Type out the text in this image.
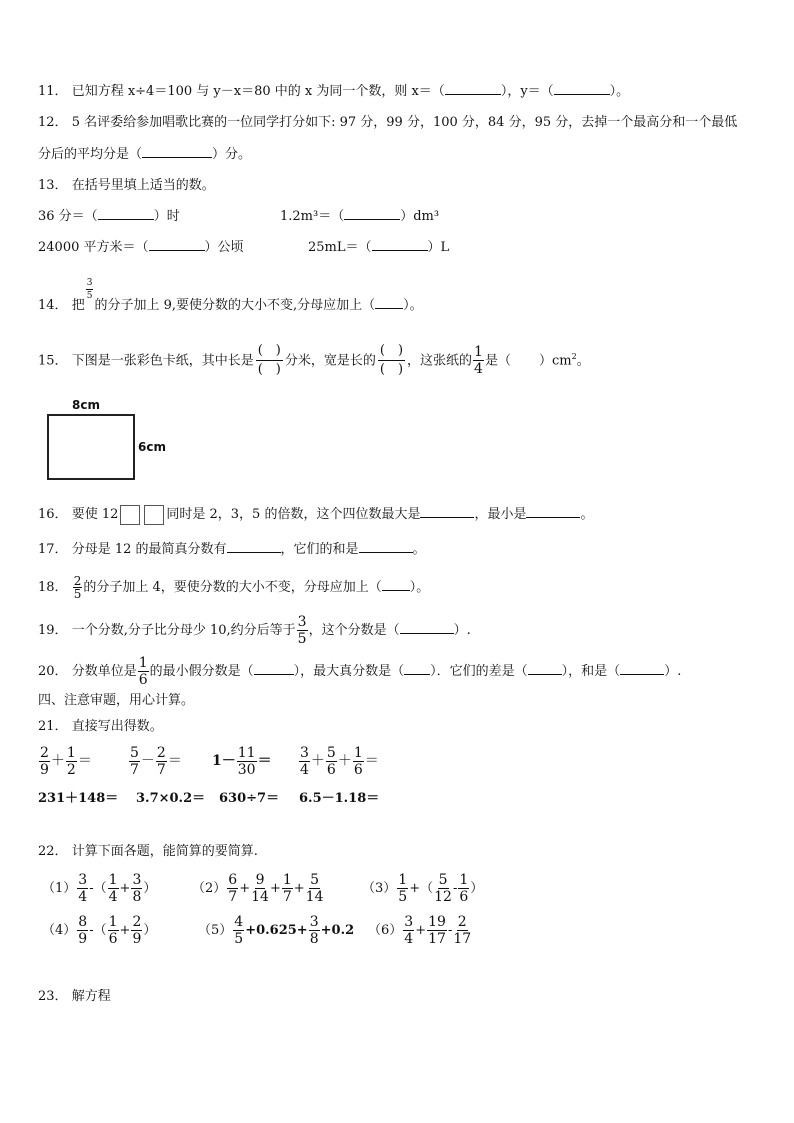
11． 已知方程 x÷4＝100 与 y－x＝80 中的 x 为同一个数，则 x＝（	），y＝（	）。
12． 5 名评委给参加唱歌比赛的一位同学打分如下: 97 分，99 分，100 分，84 分，95 分，去掉一个最高分和一个最低
分后的平均分是（	）分。
13． 在括号里填上适当的数。
36 分＝（	）时	1.2m³＝（	）dm³
24000 平方米＝（	）公顷	25mL＝（	）L
14． 把
$\frac{3}{5}$
的分子加上 9,要使分数的大小不变,分母应加上（ ）。
15． 下图是一张彩色卡纸，其中长是 $\frac{( )}{( )}$ 分米，宽是长的 $\frac{( )}{( )}$ ，这张纸的 $\frac{1}{4}$ 是（ ）$cm^2$。
8cm
6cm
16． 要使 12	同时是 2，3，5 的倍数，这个四位数最大是	，最小是	。
17． 分母是 12 的最简真分数有	，它们的和是	。
18． $\frac{2}{5}$ 的分子加上 4，要使分数的大小不变，分母应加上（ ）。
19． 一个分数,分子比分母少 10,约分后等于 $\frac{3}{5}$ ，这个分数是（	）.
20． 分数单位是 $\frac{1}{6}$ 的最小假分数是（	），最大真分数是（ ）．它们的差是（	），和是（	）.
四、注意审题，用心计算。
21． 直接写出得数。
$\frac{2}{9} + \frac{1}{2}$ ＝	$\frac{5}{7} - \frac{2}{7} = 1- \frac{11}{30} = \frac{3}{4} + \frac{5}{6} + \frac{1}{6}$ ＝
231＋148＝ 3.7×0.2＝ 630÷7＝ 6.5－1.18＝
22． 计算下面各题，能简算的要简算.
$(1) \frac{3}{4}$ -（ $\frac{1}{4} + \frac{3}{8}$ ）	$(2) \frac{6}{7} + \frac{9}{14} + \frac{1}{7} + \frac{5}{14}$	$(3) \frac{1}{5}$ +（ $\frac{5}{12} - \frac{1}{6}$ ）
$(4) \frac{8}{9}$ -（ $\frac{1}{6} + \frac{2}{9}$ ）	$(5) \frac{4}{5} +0.625+ \frac{3}{8} +0.2$ $(6) \frac{3}{4} + \frac{19}{17} - \frac{2}{17}$
23． 解方程
